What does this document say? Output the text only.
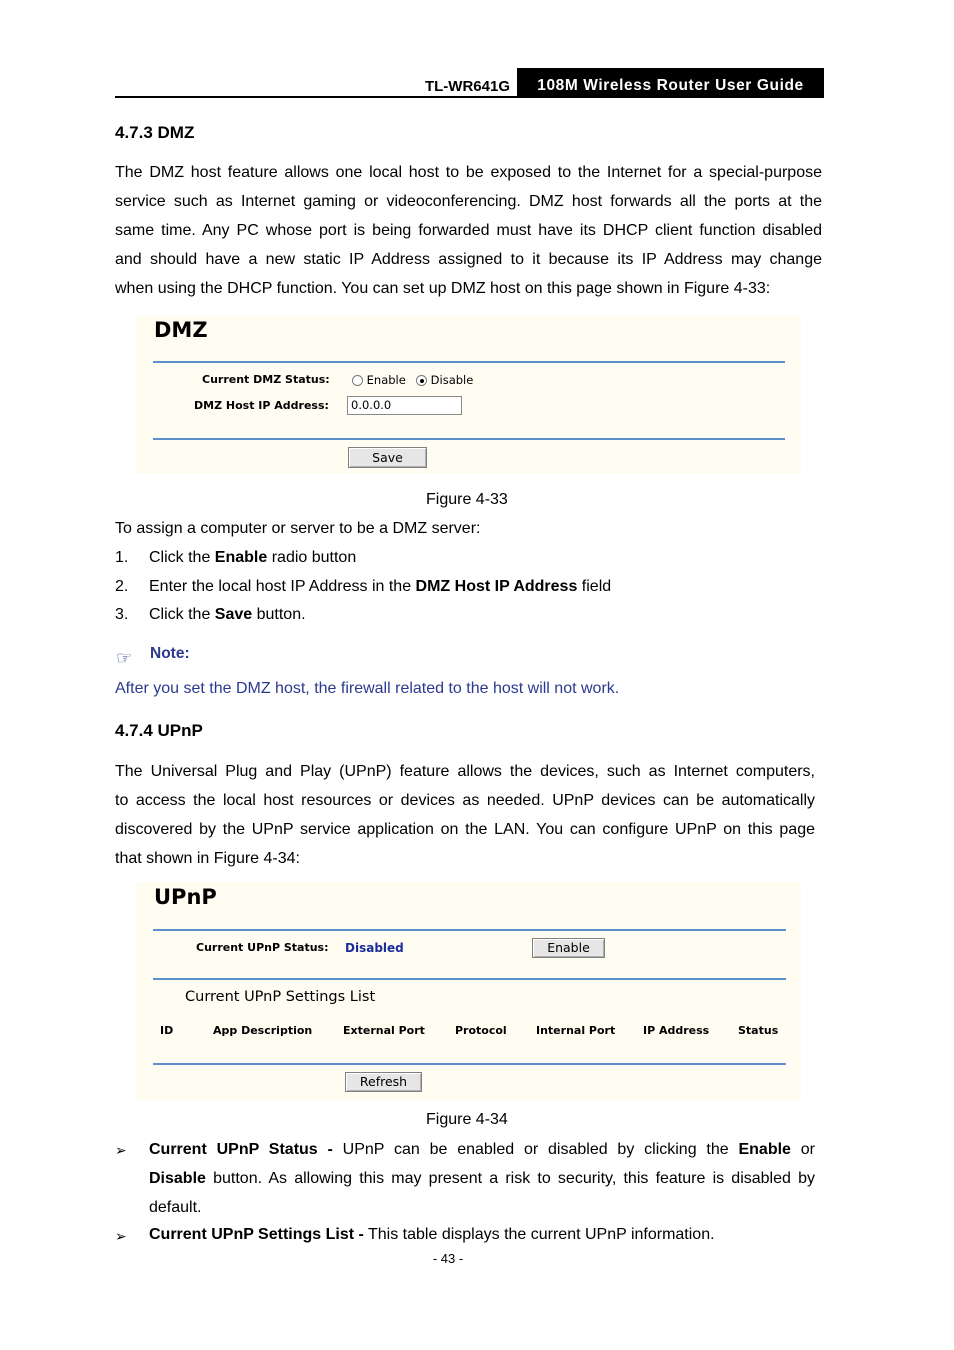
TL-WR641G	108M Wireless Router User Guide
4.7.3 DMZ
The DMZ host feature allows one local host to be exposed to the Internet for a special-purpose
service such as Internet gaming or videoconferencing. DMZ host forwards all the ports at the
same time. Any PC whose port is being forwarded must have its DHCP client function disabled
and should have a new static IP Address assigned to it because its IP Address may change
when using the DHCP function. You can set up DMZ host on this page shown in Figure 4-33:
DMZ
Current DMZ Status:	Enable	Disable
DMZ Host IP Address:	0.0.0.0
Save
Figure 4-33
To assign a computer or server to be a DMZ server:
1. Click the Enable radio button
2. Enter the local host IP Address in the DMZ Host IP Address field
3. Click the Save button.
☞ Note:
After you set the DMZ host, the firewall related to the host will not work.
4.7.4 UPnP
The Universal Plug and Play (UPnP) feature allows the devices, such as Internet computers,
to access the local host resources or devices as needed. UPnP devices can be automatically
discovered by the UPnP service application on the LAN. You can configure UPnP on this page
that shown in Figure 4-34:
UPnP
Current UPnP Status: Disabled	Enable
Current UPnP Settings List
ID	App Description	External Port	Protocol	Internal Port	IP Address	Status
Refresh
Figure 4-34
➢ Current UPnP Status - UPnP can be enabled or disabled by clicking the Enable or
Disable button. As allowing this may present a risk to security, this feature is disabled by
default.
➢ Current UPnP Settings List - This table displays the current UPnP information.
- 43 -
